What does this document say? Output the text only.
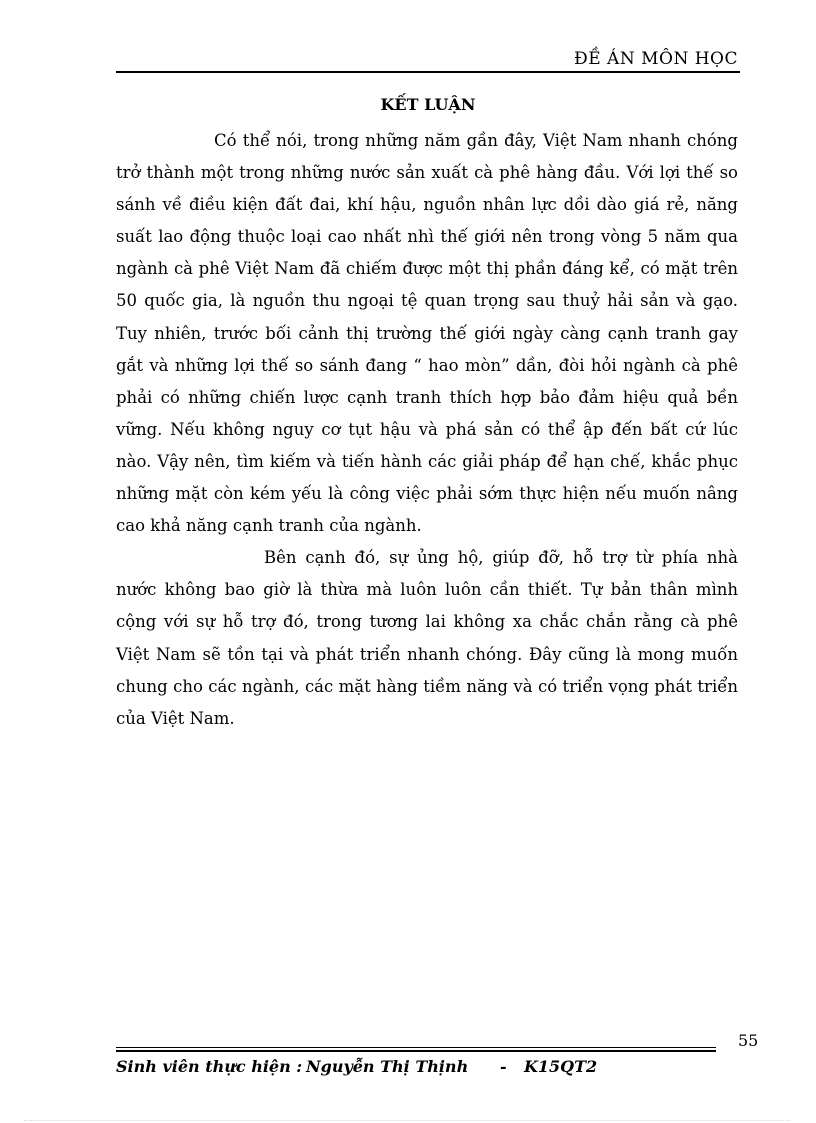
ĐỀ ÁN MÔN HỌC
KẾT LUẬN

Có thể nói, trong những năm gần đây, Việt Nam nhanh chóng trở thành một trong những nước sản xuất cà phê hàng đầu. Với lợi thế so sánh về điều kiện đất đai, khí hậu, nguồn nhân lực dồi dào giá rẻ, năng suất lao động thuộc loại cao nhất nhì thế giới nên trong vòng 5 năm qua ngành cà phê Việt Nam đã chiếm được một thị phần đáng kể, có mặt trên 50 quốc gia, là nguồn thu ngoại tệ quan trọng sau thuỷ hải sản và gạo. Tuy nhiên, trước bối cảnh thị trường thế giới ngày càng cạnh tranh gay gắt và những lợi thế so sánh đang “ hao mòn” dần, đòi hỏi ngành cà phê phải có những chiến lược cạnh tranh thích hợp bảo đảm hiệu quả bền vững. Nếu không nguy cơ tụt hậu và phá sản có thể ập đến bất cứ lúc nào. Vậy nên, tìm kiếm và tiến hành các giải pháp để hạn chế, khắc phục những mặt còn kém yếu là công việc phải sớm thực hiện nếu muốn nâng cao khả năng cạnh tranh của ngành.

Bên cạnh đó, sự ủng hộ, giúp đỡ, hỗ trợ từ phía nhà nước không bao giờ là thừa mà luôn luôn cần thiết. Tự bản thân mình cộng với sự hỗ trợ đó, trong tương lai không xa chắc chắn rằng cà phê Việt Nam sẽ tồn tại và phát triển nhanh chóng. Đây cũng là mong muốn chung cho các ngành, các mặt hàng tiềm năng và có triển vọng phát triển của Việt Nam.

55
Sinh viên thực hiện : Nguyễn Thị Thịnh - K15QT2
